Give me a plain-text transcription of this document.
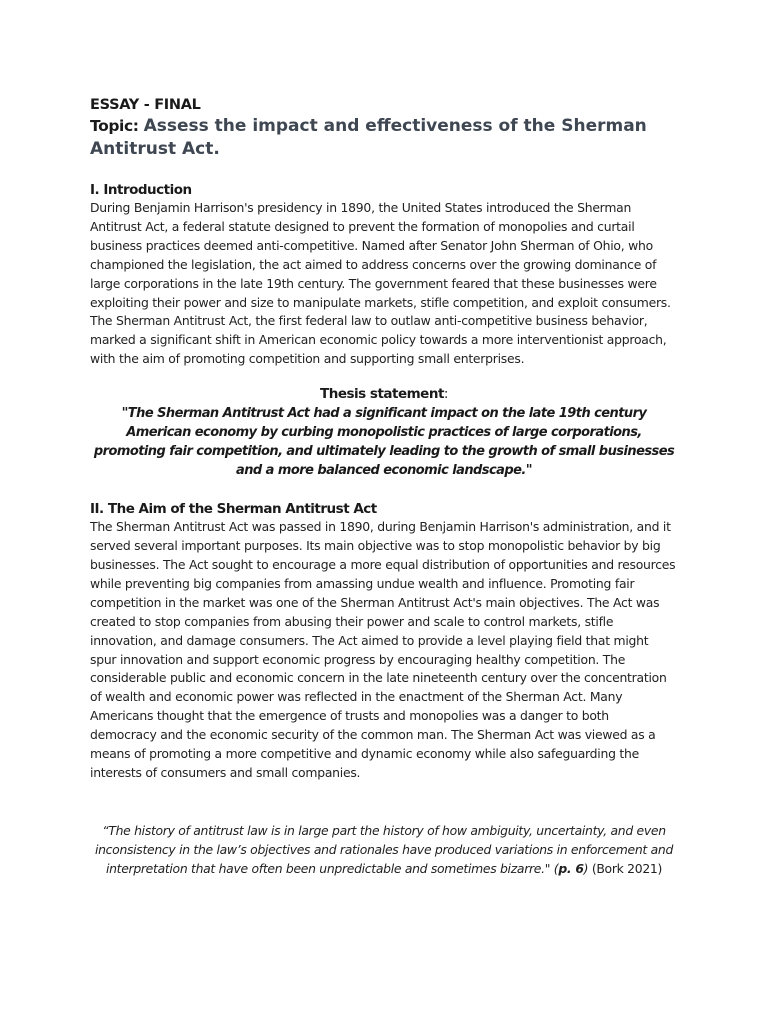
ESSAY - FINAL

Topic: Assess the impact and effectiveness of the Sherman Antitrust Act.

I. Introduction

During Benjamin Harrison's presidency in 1890, the United States introduced the Sherman Antitrust Act, a federal statute designed to prevent the formation of monopolies and curtail business practices deemed anti-competitive. Named after Senator John Sherman of Ohio, who championed the legislation, the act aimed to address concerns over the growing dominance of large corporations in the late 19th century. The government feared that these businesses were exploiting their power and size to manipulate markets, stifle competition, and exploit consumers. The Sherman Antitrust Act, the first federal law to outlaw anti-competitive business behavior, marked a significant shift in American economic policy towards a more interventionist approach, with the aim of promoting competition and supporting small enterprises.

Thesis statement:

"The Sherman Antitrust Act had a significant impact on the late 19th century American economy by curbing monopolistic practices of large corporations, promoting fair competition, and ultimately leading to the growth of small businesses and a more balanced economic landscape."

II. The Aim of the Sherman Antitrust Act

The Sherman Antitrust Act was passed in 1890, during Benjamin Harrison's administration, and it served several important purposes. Its main objective was to stop monopolistic behavior by big businesses. The Act sought to encourage a more equal distribution of opportunities and resources while preventing big companies from amassing undue wealth and influence. Promoting fair competition in the market was one of the Sherman Antitrust Act's main objectives. The Act was created to stop companies from abusing their power and scale to control markets, stifle innovation, and damage consumers. The Act aimed to provide a level playing field that might spur innovation and support economic progress by encouraging healthy competition. The considerable public and economic concern in the late nineteenth century over the concentration of wealth and economic power was reflected in the enactment of the Sherman Act. Many Americans thought that the emergence of trusts and monopolies was a danger to both democracy and the economic security of the common man. The Sherman Act was viewed as a means of promoting a more competitive and dynamic economy while also safeguarding the interests of consumers and small companies.

“The history of antitrust law is in large part the history of how ambiguity, uncertainty, and even inconsistency in the law’s objectives and rationales have produced variations in enforcement and interpretation that have often been unpredictable and sometimes bizarre." (p. 6) (Bork 2021)
